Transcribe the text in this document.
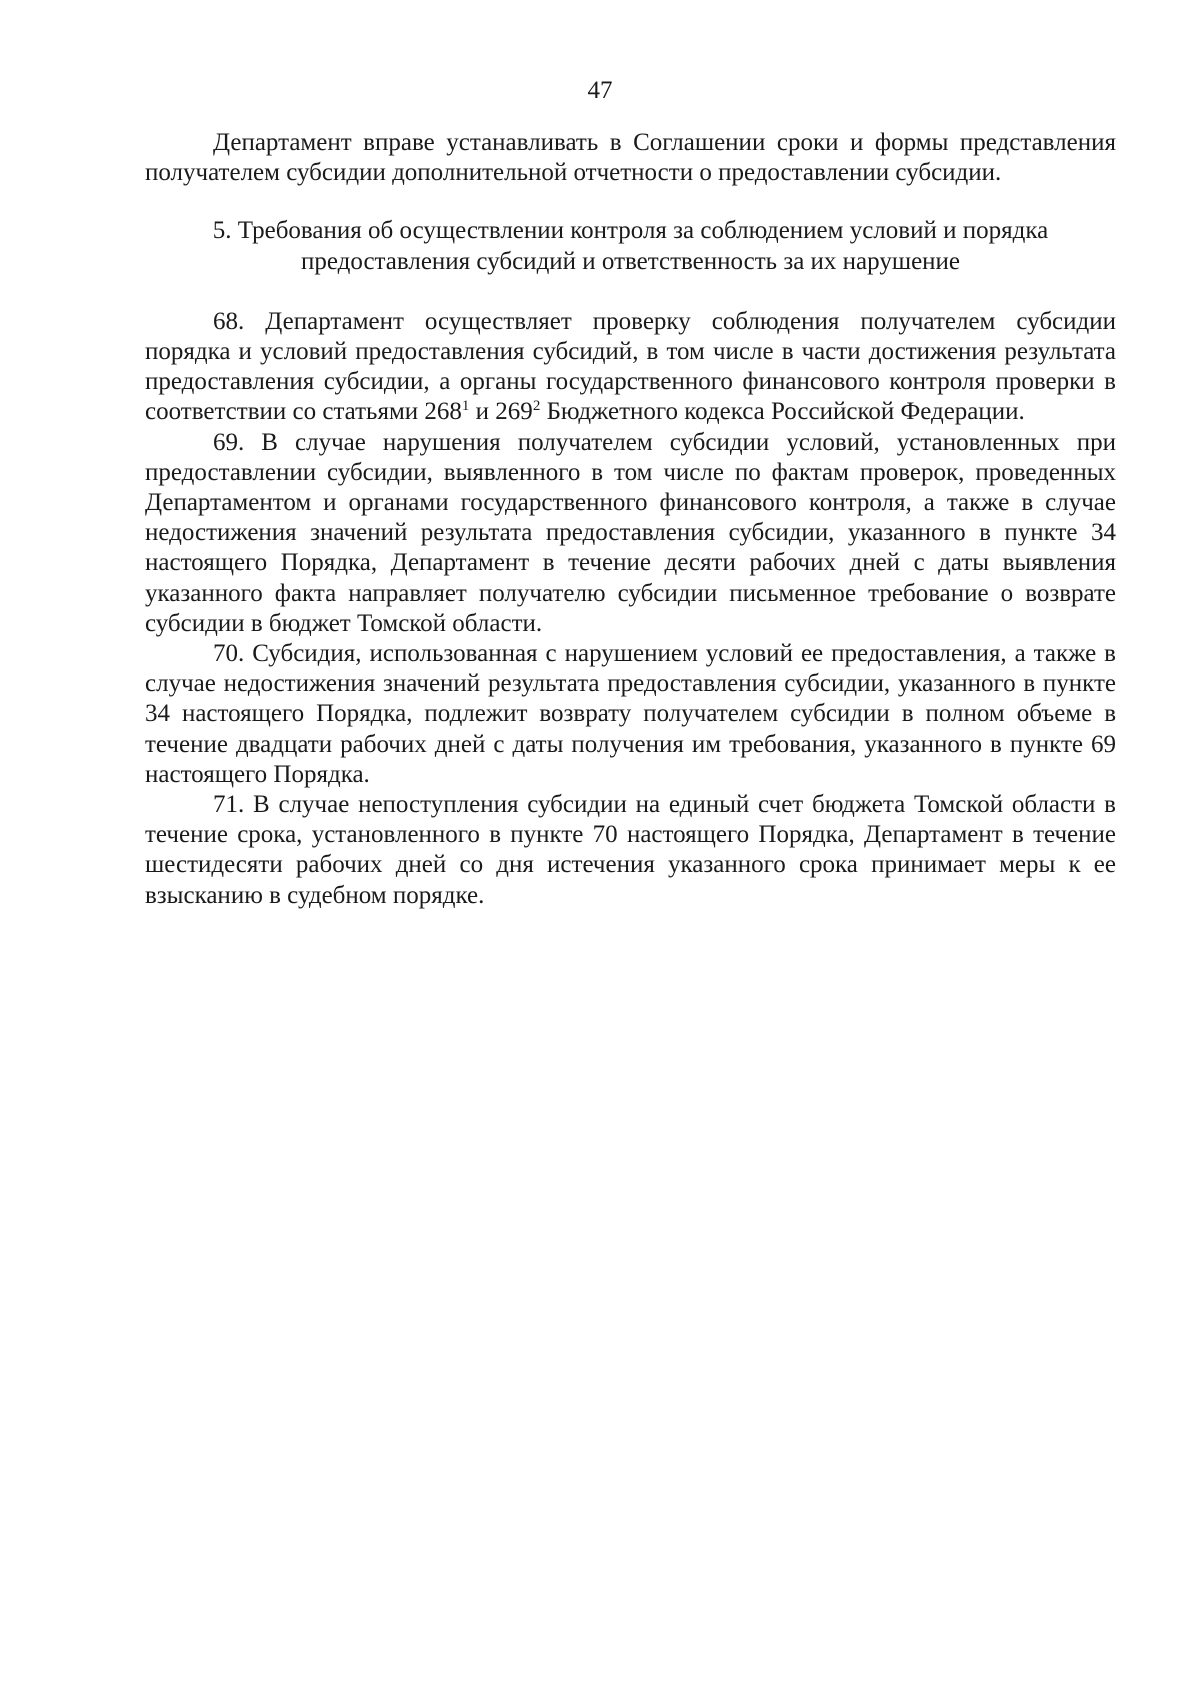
47

Департамент вправе устанавливать в Соглашении сроки и формы представления получателем субсидии дополнительной отчетности о предоставлении субсидии.

5. Требования об осуществлении контроля за соблюдением условий и порядка
предоставления субсидий и ответственность за их нарушение

68. Департамент осуществляет проверку соблюдения получателем субсидии порядка и условий предоставления субсидий, в том числе в части достижения результата предоставления субсидии, а органы государственного финансового контроля проверки в соответствии со статьями $268^1$ и $269^2$ Бюджетного кодекса Российской Федерации.

69. В случае нарушения получателем субсидии условий, установленных при предоставлении субсидии, выявленного в том числе по фактам проверок, проведенных Департаментом и органами государственного финансового контроля, а также в случае недостижения значений результата предоставления субсидии, указанного в пункте 34 настоящего Порядка, Департамент в течение десяти рабочих дней с даты выявления указанного факта направляет получателю субсидии письменное требование о возврате субсидии в бюджет Томской области.

70. Субсидия, использованная с нарушением условий ее предоставления, а также в случае недостижения значений результата предоставления субсидии, указанного в пункте 34 настоящего Порядка, подлежит возврату получателем субсидии в полном объеме в течение двадцати рабочих дней с даты получения им требования, указанного в пункте 69 настоящего Порядка.

71. В случае непоступления субсидии на единый счет бюджета Томской области в течение срока, установленного в пункте 70 настоящего Порядка, Департамент в течение шестидесяти рабочих дней со дня истечения указанного срока принимает меры к ее взысканию в судебном порядке.
